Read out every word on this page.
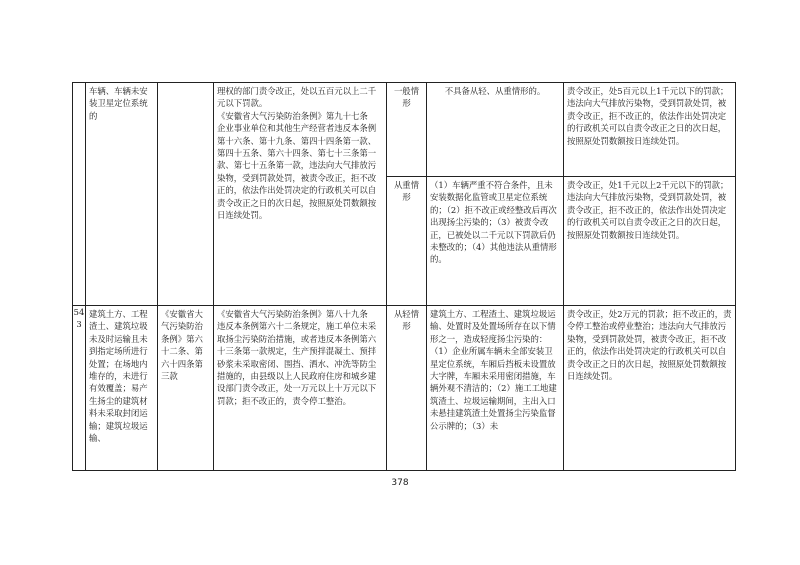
	车辆、车辆未安装卫星定位系统的		理权的部门责令改正，处以五百元以上二千元以下罚款。
《安徽省大气污染防治条例》第九十七条
企业事业单位和其他生产经营者违反本条例第十六条、第十九条、第四十四条第一款、第四十五条、第六十四条、第七十三条第一款、第七十五条第一款，违法向大气排放污染物，受到罚款处罚，被责令改正，拒不改正的，依法作出处罚决定的行政机关可以自责令改正之日的次日起，按照原处罚数额按日连续处罚。	一般情形	不具备从轻、从重情形的。	责令改正，处5百元以上1千元以下的罚款；违法向大气排放污染物，受到罚款处罚，被责令改正，拒不改正的，依法作出处罚决定的行政机关可以自责令改正之日的次日起，按照原处罚数额按日连续处罚。
				从重情形	（1）车辆严重不符合条件，且未安装数据化监管或卫星定位系统的；（2）拒不改正或经整改后再次出现扬尘污染的；（3）被责令改正，已被处以二千元以下罚款后仍未整改的；（4）其他违法从重情形的。	责令改正，处1千元以上2千元以下的罚款；违法向大气排放污染物，受到罚款处罚，被责令改正，拒不改正的，依法作出处罚决定的行政机关可以自责令改正之日的次日起，按照原处罚数额按日连续处罚。
543	建筑土方、工程渣土、建筑垃圾未及时运输且未到指定场所进行处置；在场地内堆存的，未进行有效覆盖；易产生扬尘的建筑材料未采取封闭运输；建筑垃圾运输、	《安徽省大气污染防治条例》第六十二条、第六十四条第三款	《安徽省大气污染防治条例》第八十九条
违反本条例第六十二条规定，施工单位未采取扬尘污染防治措施，或者违反本条例第六十三条第一款规定，生产预拌混凝土、预拌砂浆未采取密闭、围挡、洒水、冲洗等防尘措施的，由县级以上人民政府住房和城乡建设部门责令改正，处一万元以上十万元以下罚款；拒不改正的，责令停工整治。	从轻情形	建筑土方、工程渣土、建筑垃圾运输、处置时及处置场所存在以下情形之一，造成轻度扬尘污染的：（1）企业所属车辆未全部安装卫星定位系统，车厢后挡板未设置放大字牌，车厢未采用密闭措施，车辆外观不清洁的；（2）施工工地建筑渣土、垃圾运输期间，主出入口未悬挂建筑渣土处置扬尘污染监督公示牌的；（3）未	责令改正，处2万元的罚款；拒不改正的，责令停工整治或停业整治；违法向大气排放污染物，受到罚款处罚，被责令改正，拒不改正的，依法作出处罚决定的行政机关可以自责令改正之日的次日起，按照原处罚数额按日连续处罚。
378
